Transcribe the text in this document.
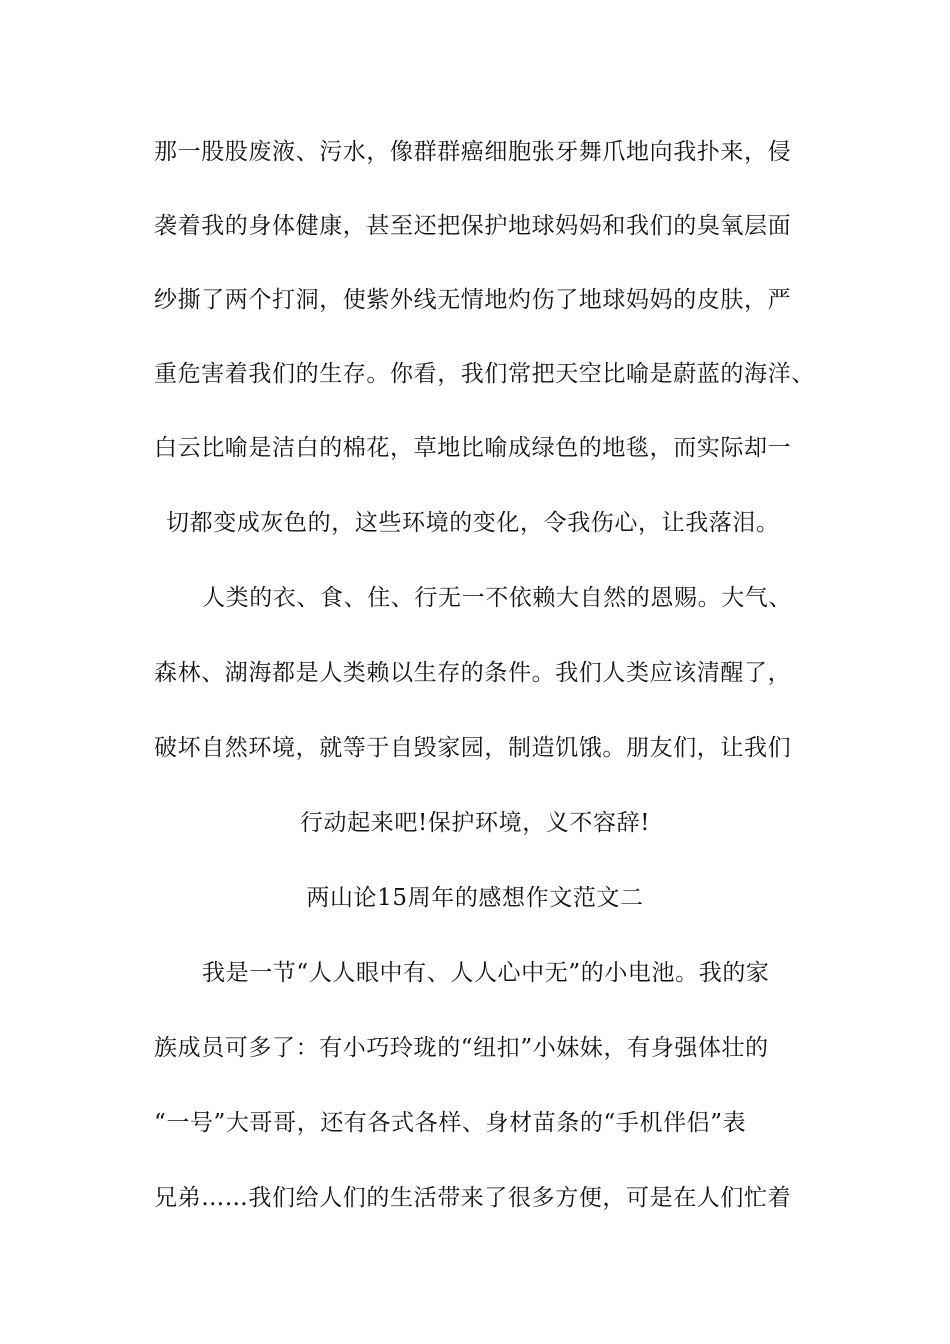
那一股股废液、污水，像群群癌细胞张牙舞爪地向我扑来，侵
袭着我的身体健康，甚至还把保护地球妈妈和我们的臭氧层面
纱撕了两个打洞，使紫外线无情地灼伤了地球妈妈的皮肤，严
重危害着我们的生存。你看，我们常把天空比喻是蔚蓝的海洋、
白云比喻是洁白的棉花，草地比喻成绿色的地毯，而实际却一
切都变成灰色的，这些环境的变化，令我伤心，让我落泪。
人类的衣、食、住、行无一不依赖大自然的恩赐。大气、
森林、湖海都是人类赖以生存的条件。我们人类应该清醒了，
破坏自然环境，就等于自毁家园，制造饥饿。朋友们，让我们
行动起来吧!保护环境，义不容辞!
两山论15周年的感想作文范文二
我是一节“人人眼中有、人人心中无”的小电池。我的家
族成员可多了：有小巧玲珑的“纽扣”小妹妹，有身强体壮的
“一号”大哥哥，还有各式各样、身材苗条的“手机伴侣”表
兄弟……我们给人们的生活带来了很多方便，可是在人们忙着
